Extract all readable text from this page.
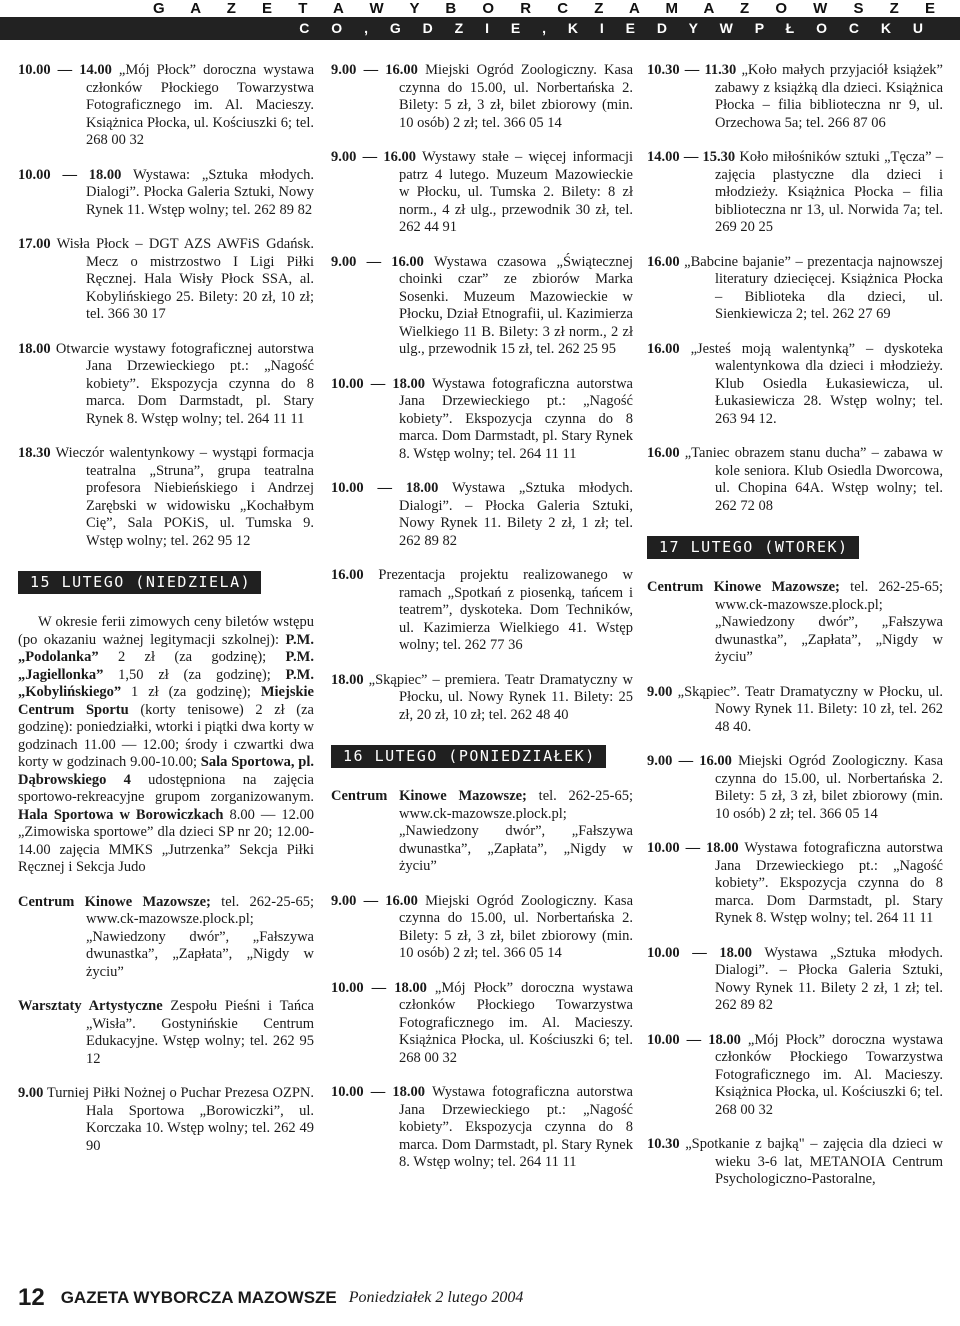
G A Z E T A W Y B O R C Z A M A Z O W S Z E
C O , G D Z I E , K I E D Y W P Ł O C K U

10.00 — 14.00 „Mój Płock” doroczna wystawa członków Płockiego Towarzystwa Fotograficznego im. Al. Macieszy. Książnica Płocka, ul. Kościuszki 6; tel. 268 00 32

10.00 — 18.00 Wystawa: „Sztuka młodych. Dialogi”. Płocka Galeria Sztuki, Nowy Rynek 11. Wstęp wolny; tel. 262 89 82

17.00 Wisła Płock – DGT AZS AWFiS Gdańsk. Mecz o mistrzostwo I Ligi Piłki Ręcznej. Hala Wisły Płock SSA, al. Kobylińskiego 25. Bilety: 20 zł, 10 zł; tel. 366 30 17

18.00 Otwarcie wystawy fotograficznej autorstwa Jana Drzewieckiego pt.: „Nagość kobiety”. Ekspozycja czynna do 8 marca. Dom Darmstadt, pl. Stary Rynek 8. Wstęp wolny; tel. 264 11 11

18.30 Wieczór walentynkowy – wystąpi formacja teatralna „Struna”, grupa teatralna profesora Niebieńskiego i Andrzej Zarębski w widowisku „Kochałbym Cię”, Sala POKiS, ul. Tumska 9. Wstęp wolny; tel. 262 95 12

15 LUTEGO (NIEDZIELA)

W okresie ferii zimowych ceny biletów wstępu (po okazaniu ważnej legitymacji szkolnej): P.M. „Podolanka” 2 zł (za godzinę); P.M. „Jagiellonka” 1,50 zł (za godzinę); P.M. „Kobylińskiego” 1 zł (za godzinę); Miejskie Centrum Sportu (korty tenisowe) 2 zł (za godzinę): poniedziałki, wtorki i piątki dwa korty w godzinach 11.00 — 12.00; środy i czwartki dwa korty w godzinach 9.00-10.00; Sala Sportowa, pl. Dąbrowskiego 4 udostępniona na zajęcia sportowo-rekreacyjne grupom zorganizowanym. Hala Sportowa w Borowiczkach 8.00 — 12.00 „Zimowiska sportowe” dla dzieci SP nr 20; 12.00-14.00 zajęcia MMKS „Jutrzenka” Sekcja Piłki Ręcznej i Sekcja Judo

Centrum Kinowe Mazowsze; tel. 262-25-65; www.ck-mazowsze.plock.pl; „Nawiedzony dwór”, „Fałszywa dwunastka”, „Zapłata”, „Nigdy w życiu”

Warsztaty Artystyczne Zespołu Pieśni i Tańca „Wisła”. Gostynińskie Centrum Edukacyjne. Wstęp wolny; tel. 262 95 12

9.00 Turniej Piłki Nożnej o Puchar Prezesa OZPN. Hala Sportowa „Borowiczki”, ul. Korczaka 10. Wstęp wolny; tel. 262 49 90

9.00 — 16.00 Miejski Ogród Zoologiczny. Kasa czynna do 15.00, ul. Norbertańska 2. Bilety: 5 zł, 3 zł, bilet zbiorowy (min. 10 osób) 2 zł; tel. 366 05 14

9.00 — 16.00 Wystawy stałe – więcej informacji patrz 4 lutego. Muzeum Mazowieckie w Płocku, ul. Tumska 2. Bilety: 8 zł norm., 4 zł ulg., przewodnik 30 zł, tel. 262 44 91

9.00 — 16.00 Wystawa czasowa „Świątecznej choinki czar” ze zbiorów Marka Sosenki. Muzeum Mazowieckie w Płocku, Dział Etnografii, ul. Kazimierza Wielkiego 11 B. Bilety: 3 zł norm., 2 zł ulg., przewodnik 15 zł, tel. 262 25 95

10.00 — 18.00 Wystawa fotograficzna autorstwa Jana Drzewieckiego pt.: „Nagość kobiety”. Ekspozycja czynna do 8 marca. Dom Darmstadt, pl. Stary Rynek 8. Wstęp wolny; tel. 264 11 11

10.00 — 18.00 Wystawa „Sztuka młodych. Dialogi”. – Płocka Galeria Sztuki, Nowy Rynek 11. Bilety 2 zł, 1 zł; tel. 262 89 82

16.00 Prezentacja projektu realizowanego w ramach „Spotkań z piosenką, tańcem i teatrem”, dyskoteka. Dom Techników, ul. Kazimierza Wielkiego 41. Wstęp wolny; tel. 262 77 36

18.00 „Skąpiec” – premiera. Teatr Dramatyczny w Płocku, ul. Nowy Rynek 11. Bilety: 25 zł, 20 zł, 10 zł; tel. 262 48 40

16 LUTEGO (PONIEDZIAŁEK)

Centrum Kinowe Mazowsze; tel. 262-25-65; www.ck-mazowsze.plock.pl; „Nawiedzony dwór”, „Fałszywa dwunastka”, „Zapłata”, „Nigdy w życiu”

9.00 — 16.00 Miejski Ogród Zoologiczny. Kasa czynna do 15.00, ul. Norbertańska 2. Bilety: 5 zł, 3 zł, bilet zbiorowy (min. 10 osób) 2 zł; tel. 366 05 14

10.00 — 18.00 „Mój Płock” doroczna wystawa członków Płockiego Towarzystwa Fotograficznego im. Al. Macieszy. Książnica Płocka, ul. Kościuszki 6; tel. 268 00 32

10.00 — 18.00 Wystawa fotograficzna autorstwa Jana Drzewieckiego pt.: „Nagość kobiety”. Ekspozycja czynna do 8 marca. Dom Darmstadt, pl. Stary Rynek 8. Wstęp wolny; tel. 264 11 11

10.30 — 11.30 „Koło małych przyjaciół książek” zabawy z książką dla dzieci. Książnica Płocka – filia biblioteczna nr 9, ul. Orzechowa 5a; tel. 266 87 06

14.00 — 15.30 Koło miłośników sztuki „Tęcza” – zajęcia plastyczne dla dzieci i młodzieży. Książnica Płocka – filia biblioteczna nr 13, ul. Norwida 7a; tel. 269 20 25

16.00 „Babcine bajanie” – prezentacja najnowszej literatury dziecięcej. Książnica Płocka – Biblioteka dla dzieci, ul. Sienkiewicza 2; tel. 262 27 69

16.00 „Jesteś moją walentynką” – dyskoteka walentynkowa dla dzieci i młodzieży. Klub Osiedla Łukasiewicza, ul. Łukasiewicza 28. Wstęp wolny; tel. 263 94 12.

16.00 „Taniec obrazem stanu ducha” – zabawa w kole seniora. Klub Osiedla Dworcowa, ul. Chopina 64A. Wstęp wolny; tel. 262 72 08

17 LUTEGO (WTOREK)

Centrum Kinowe Mazowsze; tel. 262-25-65; www.ck-mazowsze.plock.pl; „Nawiedzony dwór”, „Fałszywa dwunastka”, „Zapłata”, „Nigdy w życiu”

9.00 „Skąpiec”. Teatr Dramatyczny w Płocku, ul. Nowy Rynek 11. Bilety: 10 zł, tel. 262 48 40.

9.00 — 16.00 Miejski Ogród Zoologiczny. Kasa czynna do 15.00, ul. Norbertańska 2. Bilety: 5 zł, 3 zł, bilet zbiorowy (min. 10 osób) 2 zł; tel. 366 05 14

10.00 — 18.00 Wystawa fotograficzna autorstwa Jana Drzewieckiego pt.: „Nagość kobiety”. Ekspozycja czynna do 8 marca. Dom Darmstadt, pl. Stary Rynek 8. Wstęp wolny; tel. 264 11 11

10.00 — 18.00 Wystawa „Sztuka młodych. Dialogi”. – Płocka Galeria Sztuki, Nowy Rynek 11. Bilety 2 zł, 1 zł; tel. 262 89 82

10.00 — 18.00 „Mój Płock” doroczna wystawa członków Płockiego Towarzystwa Fotograficznego im. Al. Macieszy. Książnica Płocka, ul. Kościuszki 6; tel. 268 00 32

10.30 „Spotkanie z bajką" – zajęcia dla dzieci w wieku 3-6 lat, METANOIA Centrum Psychologiczno-Pastoralne,

12 GAZETA WYBORCZA MAZOWSZE Poniedziałek 2 lutego 2004
